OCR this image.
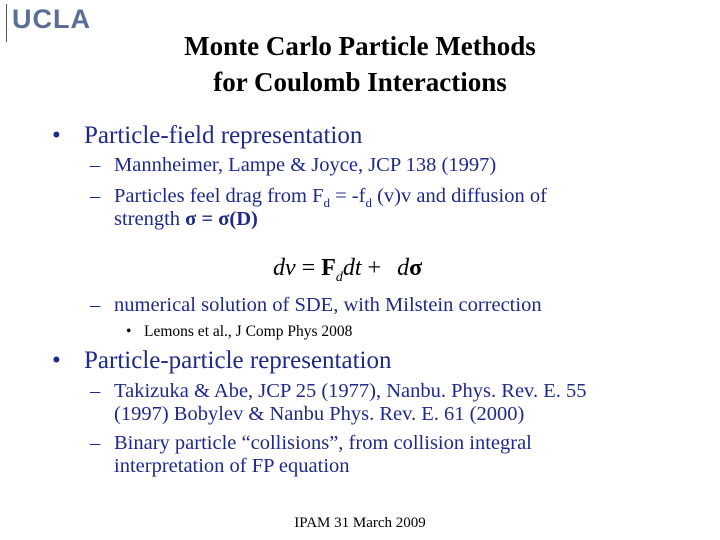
UCLA
Monte Carlo Particle Methods
for Coulomb Interactions
• Particle-field representation
– Mannheimer, Lampe & Joyce, JCP 138 (1997)
– Particles feel drag from $F_d = -f_d$ (v)v and diffusion of
strength σ = σ(D)
dv = $F_ddt + d\sigma$
– numerical solution of SDE, with Milstein correction
• Lemons et al., J Comp Phys 2008
• Particle-particle representation
– Takizuka & Abe, JCP 25 (1977), Nanbu. Phys. Rev. E. 55
(1997) Bobylev & Nanbu Phys. Rev. E. 61 (2000)
– Binary particle “collisions”, from collision integral
interpretation of FP equation
IPAM 31 March 2009
